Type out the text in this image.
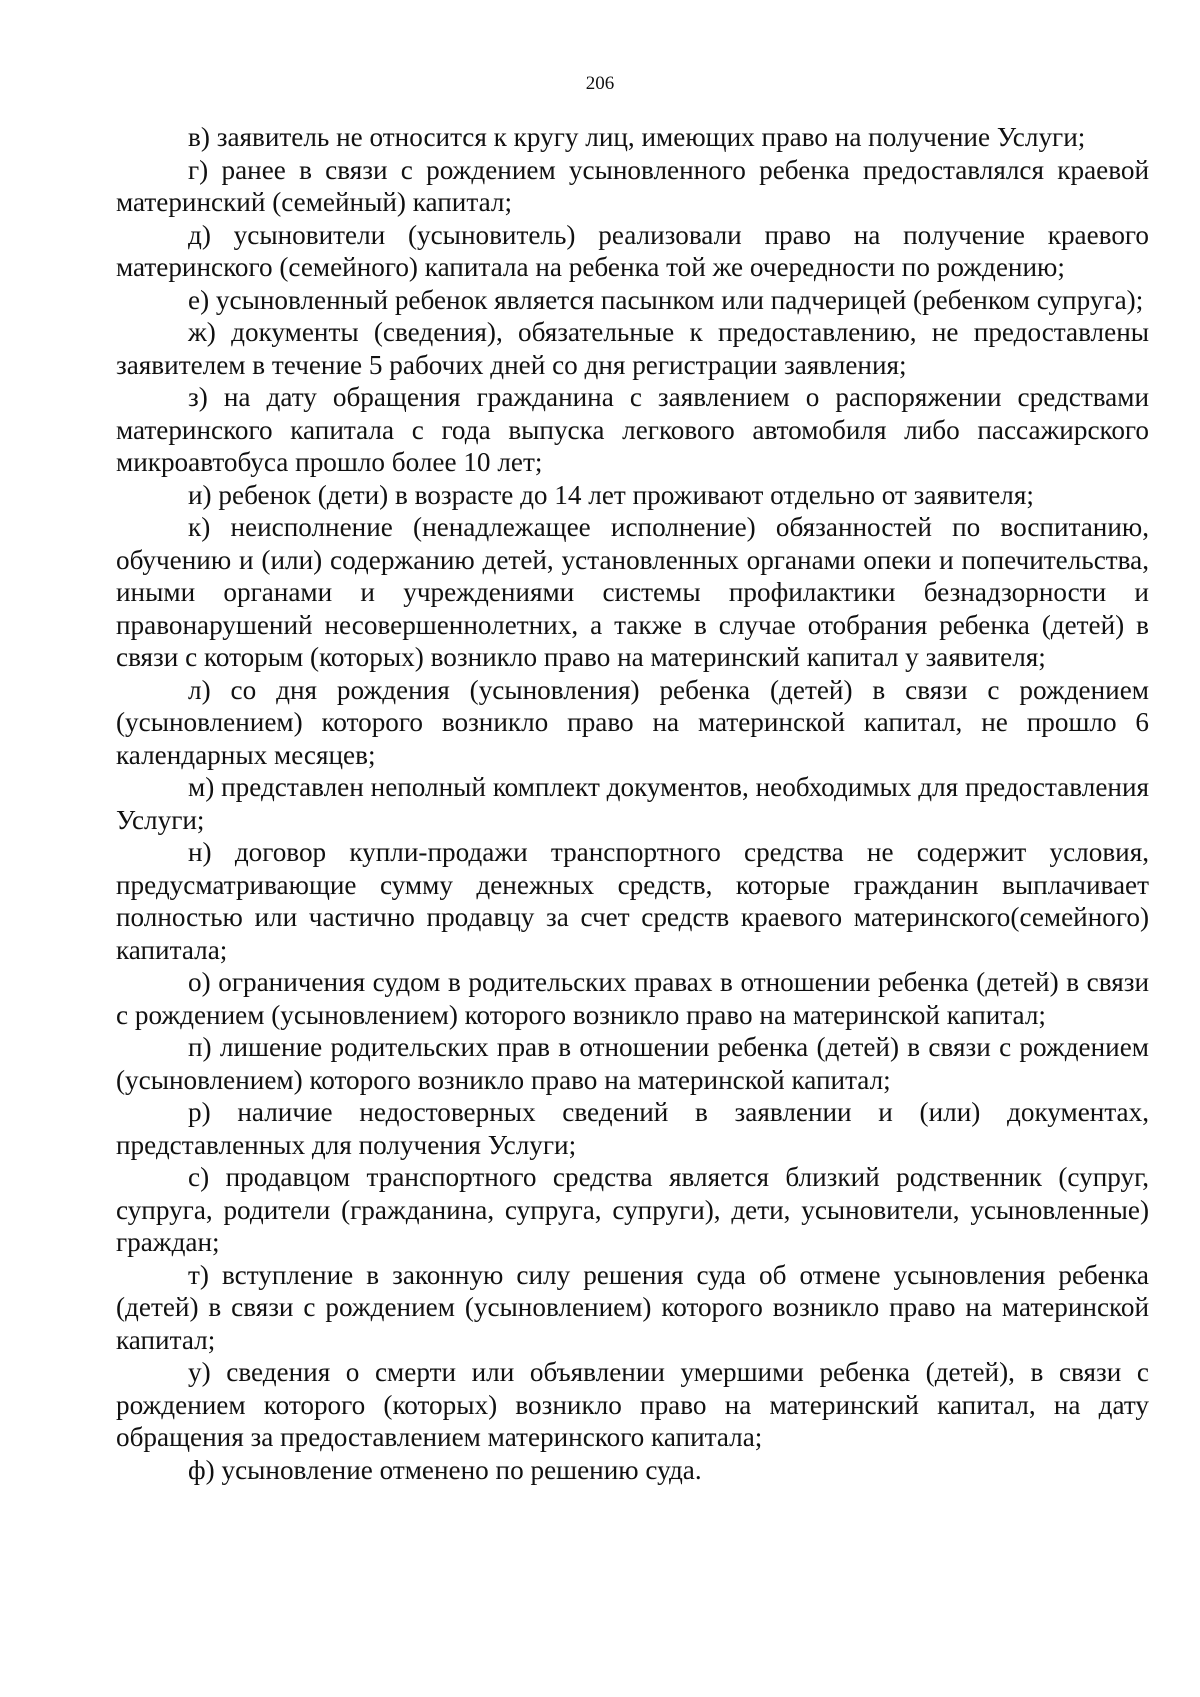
206

в) заявитель не относится к кругу лиц, имеющих право на получение Услуги;

г) ранее в связи с рождением усыновленного ребенка предоставлялся краевой материнский (семейный) капитал;

д) усыновители (усыновитель) реализовали право на получение краевого материнского (семейного) капитала на ребенка той же очередности по рождению;

е) усыновленный ребенок является пасынком или падчерицей (ребенком супруга);

ж) документы (сведения), обязательные к предоставлению, не предоставлены заявителем в течение 5 рабочих дней со дня регистрации заявления;

з) на дату обращения гражданина с заявлением о распоряжении средствами материнского капитала с года выпуска легкового автомобиля либо пассажирского микроавтобуса прошло более 10 лет;

и) ребенок (дети) в возрасте до 14 лет проживают отдельно от заявителя;

к) неисполнение (ненадлежащее исполнение) обязанностей по воспитанию, обучению и (или) содержанию детей, установленных органами опеки и попечительства, иными органами и учреждениями системы профилактики безнадзорности и правонарушений несовершеннолетних, а также в случае отобрания ребенка (детей) в связи с которым (которых) возникло право на материнский капитал у заявителя;

л) со дня рождения (усыновления) ребенка (детей) в связи с рождением (усыновлением) которого возникло право на материнской капитал, не прошло 6 календарных месяцев;

м) представлен неполный комплект документов, необходимых для предоставления Услуги;

н) договор купли-продажи транспортного средства не содержит условия, предусматривающие сумму денежных средств, которые гражданин выплачивает полностью или частично продавцу за счет средств краевого материнского(семейного) капитала;

о) ограничения судом в родительских правах в отношении ребенка (детей) в связи с рождением (усыновлением) которого возникло право на материнской капитал;

п) лишение родительских прав в отношении ребенка (детей) в связи с рождением (усыновлением) которого возникло право на материнской капитал;

р) наличие недостоверных сведений в заявлении и (или) документах, представленных для получения Услуги;

с) продавцом транспортного средства является близкий родственник (супруг, супруга, родители (гражданина, супруга, супруги), дети, усыновители, усыновленные) граждан;

т) вступление в законную силу решения суда об отмене усыновления ребенка (детей) в связи с рождением (усыновлением) которого возникло право на материнской капитал;

у) сведения о смерти или объявлении умершими ребенка (детей), в связи с рождением которого (которых) возникло право на материнский капитал, на дату обращения за предоставлением материнского капитала;

ф) усыновление отменено по решению суда.
